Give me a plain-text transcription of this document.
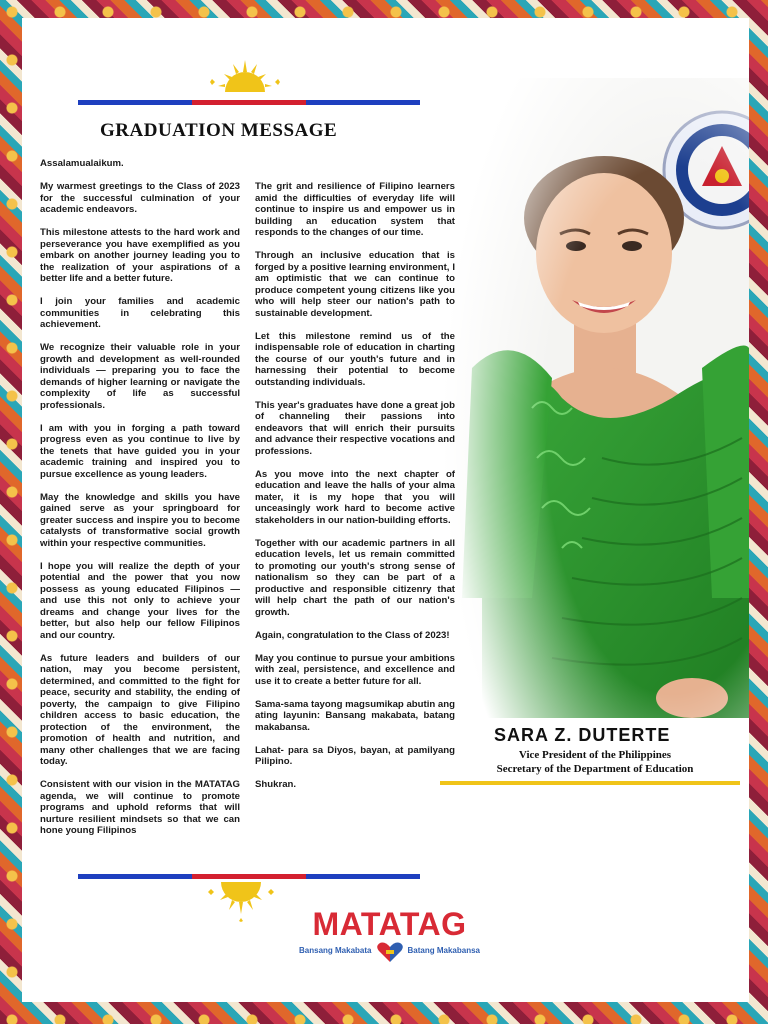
GRADUATION MESSAGE

Assalamualaikum.

My warmest greetings to the Class of 2023 for the successful culmination of your academic endeavors.

This milestone attests to the hard work and perseverance you have exemplified as you embark on another journey leading you to the realization of your aspirations of a better life and a better future.

I join your families and academic communities in celebrating this achievement.

We recognize their valuable role in your growth and development as well-rounded individuals — preparing you to face the demands of higher learning or navigate the complexity of life as successful professionals.

I am with you in forging a path toward progress even as you continue to live by the tenets that have guided you in your academic training and inspired you to pursue excellence as young leaders.

May the knowledge and skills you have gained serve as your springboard for greater success and inspire you to become catalysts of transformative social growth within your respective communities.

I hope you will realize the depth of your potential and the power that you now possess as young educated Filipinos — and use this not only to achieve your dreams and change your lives for the better, but also help our fellow Filipinos and our country.

As future leaders and builders of our nation, may you become persistent, determined, and committed to the fight for peace, security and stability, the ending of poverty, the campaign to give Filipino children access to basic education, the protection of the environment, the promotion of health and nutrition, and many other challenges that we are facing today.

Consistent with our vision in the MATATAG agenda, we will continue to promote programs and uphold reforms that will nurture resilient mindsets so that we can hone young Filipinos

The grit and resilience of Filipino learners amid the difficulties of everyday life will continue to inspire us and empower us in building an education system that responds to the changes of our time.

Through an inclusive education that is forged by a positive learning environment, I am optimistic that we can continue to produce competent young citizens like you who will help steer our nation's path to sustainable development.

Let this milestone remind us of the indispensable role of education in charting the course of our youth's future and in harnessing their potential to become outstanding individuals.

This year's graduates have done a great job of channeling their passions into endeavors that will enrich their pursuits and advance their respective vocations and professions.

As you move into the next chapter of education and leave the halls of your alma mater, it is my hope that you will unceasingly work hard to become active stakeholders in our nation-building efforts.

Together with our academic partners in all education levels, let us remain committed to promoting our youth's strong sense of nationalism so they can be part of a productive and responsible citizenry that will help chart the path of our nation's growth.

Again, congratulation to the Class of 2023!

May you continue to pursue your ambitions with zeal, persistence, and excellence and use it to create a better future for all.

Sama-sama tayong magsumikap abutin ang ating layunin: Bansang makabata, batang makabansa.

Lahat- para sa Diyos, bayan, at pamilyang Pilipino.

Shukran.

SARA Z. DUTERTE
Vice President of the Philippines
Secretary of the Department of Education
MATATAG
Bansang Makabata	Batang Makabansa
